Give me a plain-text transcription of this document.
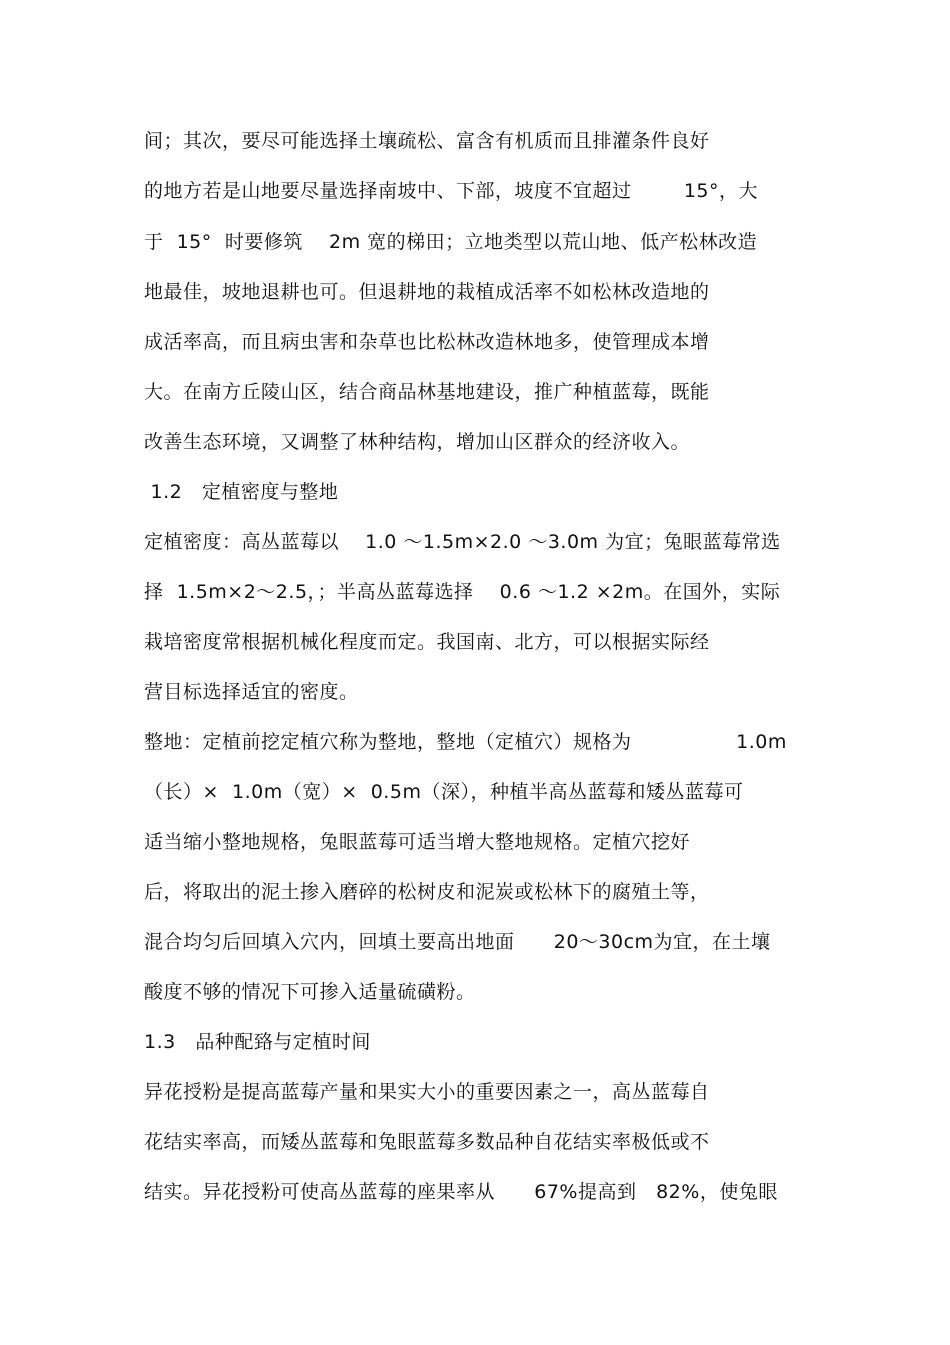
间；其次，要尽可能选择土壤疏松、富含有机质而且排灌条件良好
的地方若是山地要尽量选择南坡中、下部，坡度不宜超过        15°，大
于  15°  时要修筑    2m 宽的梯田；立地类型以荒山地、低产松林改造
地最佳，坡地退耕也可。但退耕地的栽植成活率不如松林改造地的
成活率高，而且病虫害和杂草也比松林改造林地多，使管理成本增
大。在南方丘陵山区，结合商品林基地建设，推广种植蓝莓，既能
改善生态环境，又调整了林种结构，增加山区群众的经济收入。
1.2   定植密度与整地
定植密度：高丛蓝莓以    1.0 ～1.5m×2.0 ～3.0m 为宜；兔眼蓝莓常选
择  1.5m×2～2.5，；半高丛蓝莓选择    0.6 ～1.2 ×2m。在国外，实际
栽培密度常根据机械化程度而定。我国南、北方，可以根据实际经
营目标选择适宜的密度。
整地：定植前挖定植穴称为整地，整地（定植穴）规格为                1.0m
（长）×  1.0m（宽）×  0.5m（深），种植半高丛蓝莓和矮丛蓝莓可
适当缩小整地规格，兔眼蓝莓可适当增大整地规格。定植穴挖好
后，将取出的泥土掺入磨碎的松树皮和泥炭或松林下的腐殖土等，
混合均匀后回填入穴内，回填土要高出地面      20～30cm为宜，在土壤
酸度不够的情况下可掺入适量硫磺粉。
1.3   品种配臵与定植时间
异花授粉是提高蓝莓产量和果实大小的重要因素之一，高丛蓝莓自
花结实率高，而矮丛蓝莓和兔眼蓝莓多数品种自花结实率极低或不
结实。异花授粉可使高丛蓝莓的座果率从      67%提高到   82%，使兔眼
